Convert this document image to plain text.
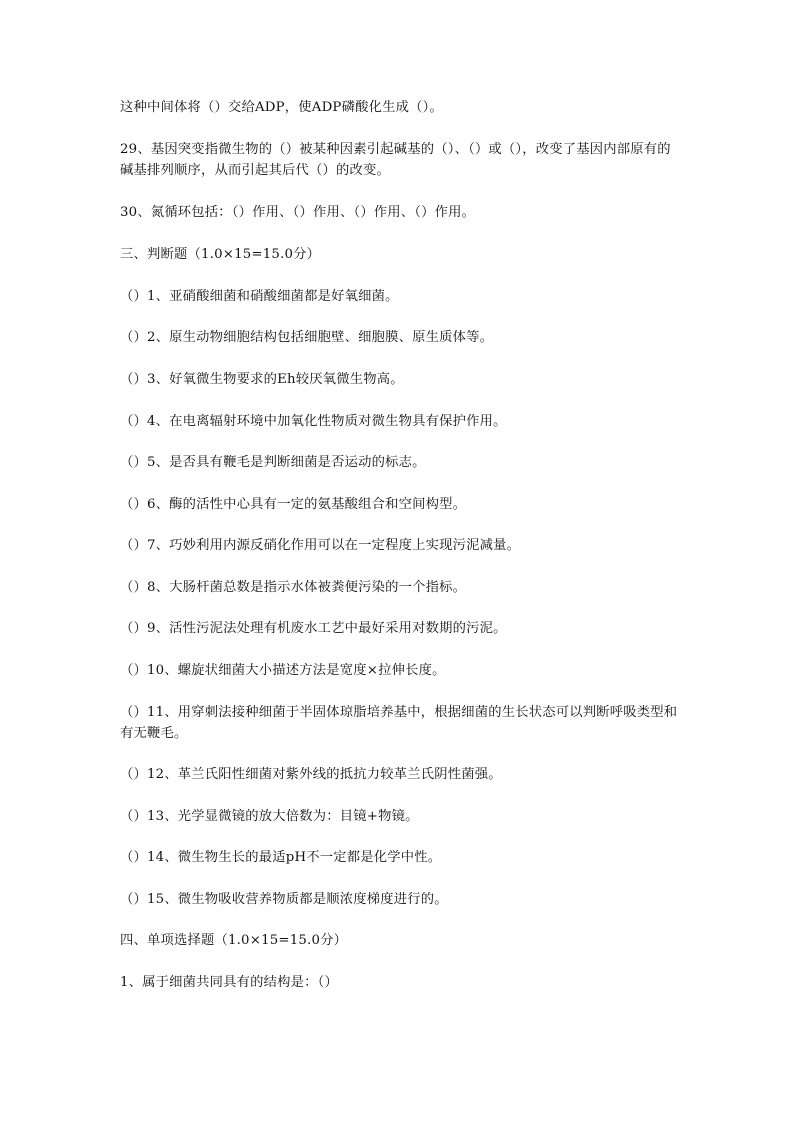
这种中间体将（）交给ADP，使ADP磷酸化生成（）。
29、基因突变指微生物的（）被某种因素引起碱基的（）、（）或（），改变了基因内部原有的碱基排列顺序，从而引起其后代（）的改变。
30、氮循环包括：（）作用、（）作用、（）作用、（）作用。
三、判断题（1.0×15=15.0分）
（）1、亚硝酸细菌和硝酸细菌都是好氧细菌。
（）2、原生动物细胞结构包括细胞壁、细胞膜、原生质体等。
（）3、好氧微生物要求的Eh较厌氧微生物高。
（）4、在电离辐射环境中加氧化性物质对微生物具有保护作用。
（）5、是否具有鞭毛是判断细菌是否运动的标志。
（）6、酶的活性中心具有一定的氨基酸组合和空间构型。
（）7、巧妙利用内源反硝化作用可以在一定程度上实现污泥减量。
（）8、大肠杆菌总数是指示水体被粪便污染的一个指标。
（）9、活性污泥法处理有机废水工艺中最好采用对数期的污泥。
（）10、螺旋状细菌大小描述方法是宽度×拉伸长度。
（）11、用穿刺法接种细菌于半固体琼脂培养基中，根据细菌的生长状态可以判断呼吸类型和有无鞭毛。
（）12、革兰氏阳性细菌对紫外线的抵抗力较革兰氏阴性菌强。
（）13、光学显微镜的放大倍数为：目镜+物镜。
（）14、微生物生长的最适pH不一定都是化学中性。
（）15、微生物吸收营养物质都是顺浓度梯度进行的。
四、单项选择题（1.0×15=15.0分）
1、属于细菌共同具有的结构是：（）
